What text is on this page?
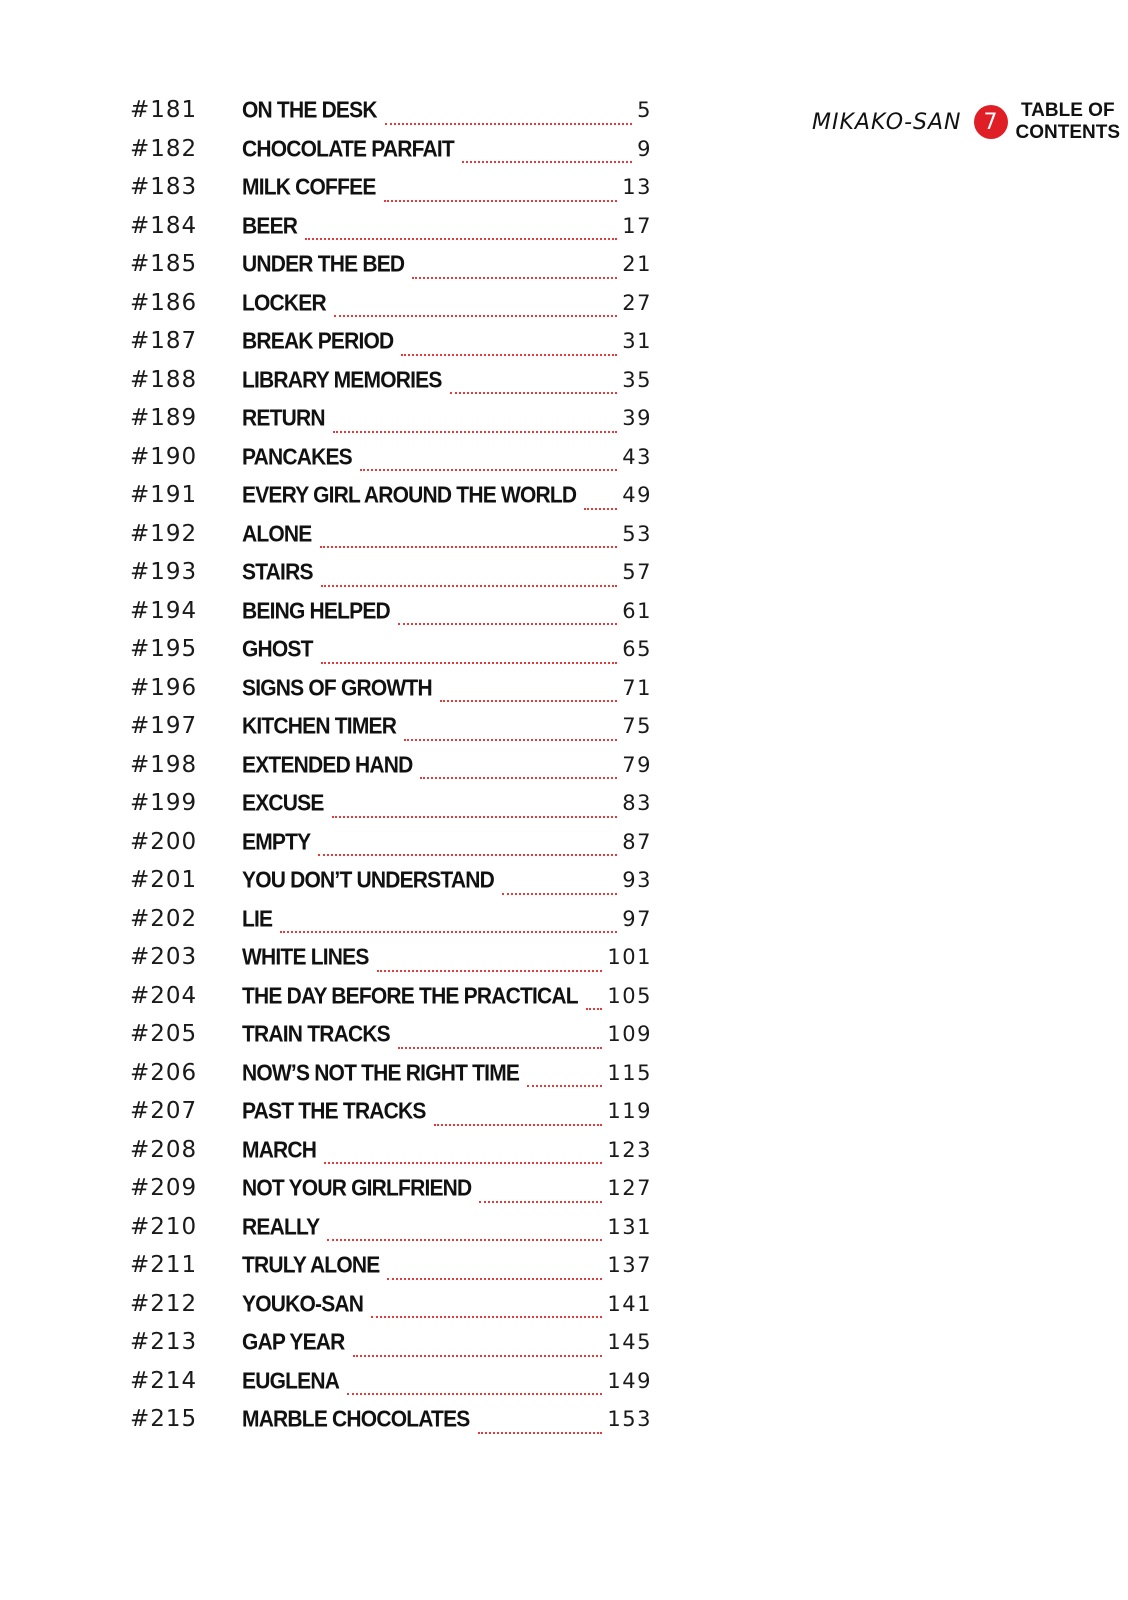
MIKAKO-SAN	7	TABLE OF
CONTENTS
#181	ON THE DESK	5
#182	CHOCOLATE PARFAIT	9
#183	MILK COFFEE	13
#184	BEER	17
#185	UNDER THE BED	21
#186	LOCKER	27
#187	BREAK PERIOD	31
#188	LIBRARY MEMORIES	35
#189	RETURN	39
#190	PANCAKES	43
#191	EVERY GIRL AROUND THE WORLD 49
#192	ALONE	53
#193	STAIRS	57
#194	BEING HELPED	61
#195	GHOST	65
#196	SIGNS OF GROWTH	71
#197	KITCHEN TIMER	75
#198	EXTENDED HAND	79
#199	EXCUSE	83
#200	EMPTY	87
#201	YOU DON’T UNDERSTAND	93
#202	LIE	97
#203	WHITE LINES	101
#204	THE DAY BEFORE THE PRACTICAL 105
#205	TRAIN TRACKS	109
#206	NOW’S NOT THE RIGHT TIME	115
#207	PAST THE TRACKS	119
#208	MARCH	123
#209	NOT YOUR GIRLFRIEND	127
#210	REALLY	131
#211	TRULY ALONE	137
#212	YOUKO-SAN	141
#213	GAP YEAR	145
#214	EUGLENA	149
#215	MARBLE CHOCOLATES	153
